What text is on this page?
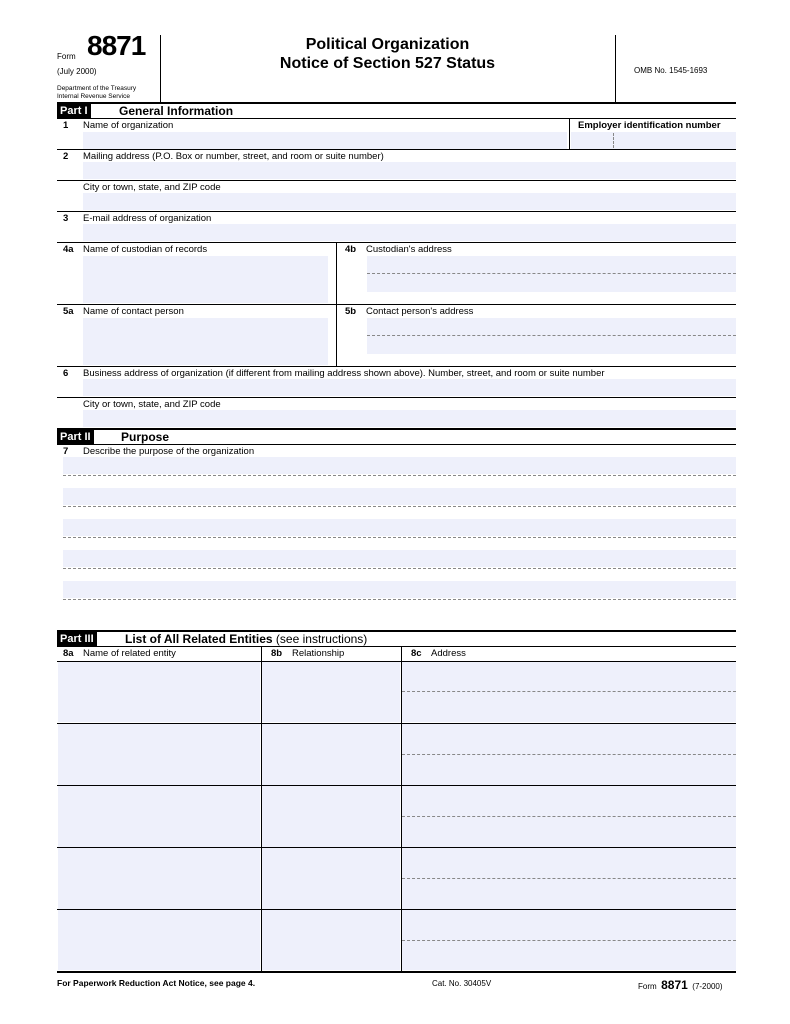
Form 8871
(July 2000)
Department of the Treasury
Internal Revenue Service
Political Organization
Notice of Section 527 Status	OMB No. 1545-1693
Part I	General Information
1 Name of organization	Employer identification number
2 Mailing address (P.O. Box or number, street, and room or suite number)
City or town, state, and ZIP code
3 E-mail address of organization
4a Name of custodian of records	4b Custodian's address
5a Name of contact person	5b Contact person's address
6 Business address of organization (if different from mailing address shown above). Number, street, and room or suite number
City or town, state, and ZIP code
Part II	Purpose
7 Describe the purpose of the organization
Part III	List of All Related Entities (see instructions)
8a Name of related entity	8b Relationship	8c Address
For Paperwork Reduction Act Notice, see page 4.	Cat. No. 30405V	Form 8871 (7-2000)
